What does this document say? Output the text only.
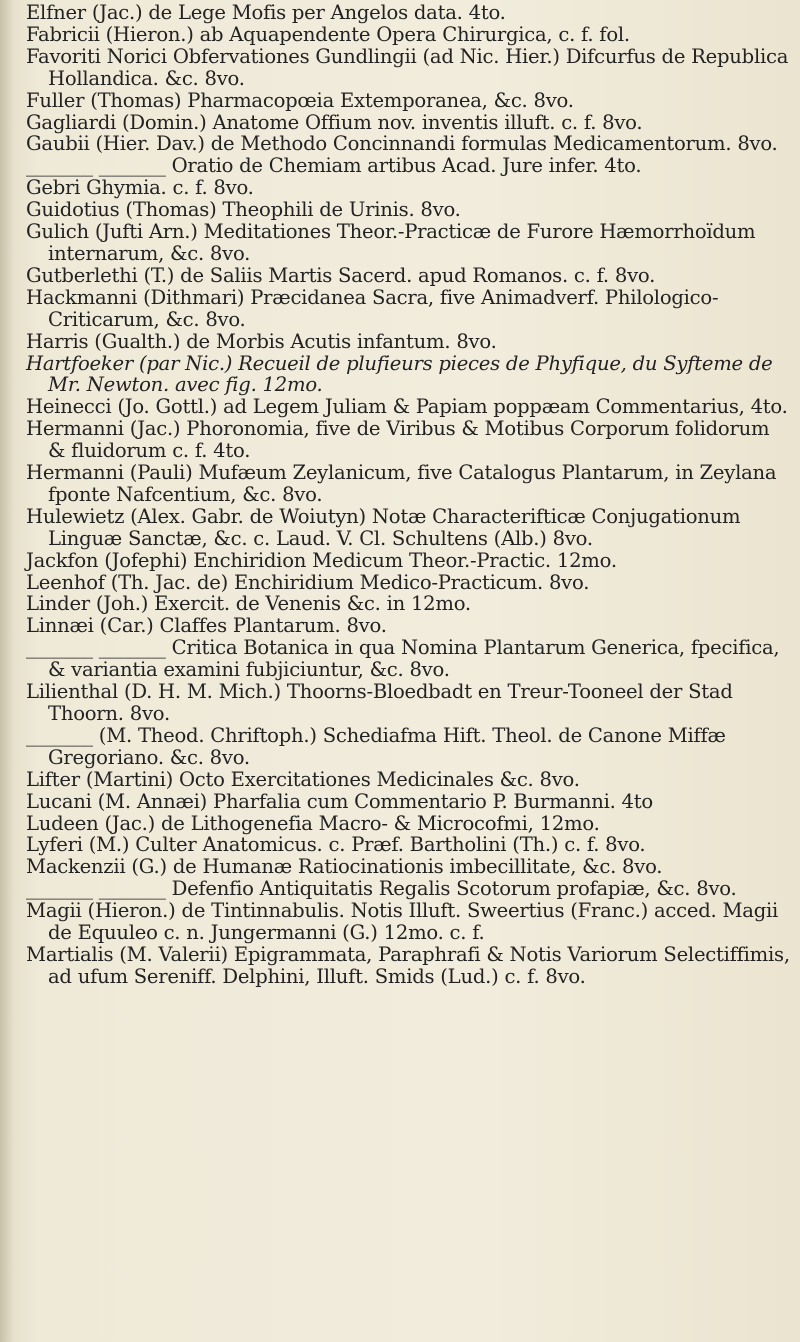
Elfner (Jac.) de Lege Mofis per Angelos data. 4to.
Fabricii (Hieron.) ab Aquapendente Opera Chirurgica, c. f. fol.
Favoriti Norici Obfervationes Gundlingii (ad Nic. Hier.) Difcurfus de Republica Hollandica. &c. 8vo.
Fuller (Thomas) Pharmacopœia Extemporanea, &c. 8vo.
Gagliardi (Domin.) Anatome Offium nov. inventis illuft. c. f. 8vo.
Gaubii (Hier. Dav.) de Methodo Concinnandi formulas Medicamentorum. 8vo.
_______ _______ Oratio de Chemiam artibus Acad. Jure infer. 4to.
Gebri Ghymia. c. f. 8vo.
Guidotius (Thomas) Theophili de Urinis. 8vo.
Gulich (Jufti Arn.) Meditationes Theor.-Practicæ de Furore Hæmorrhoïdum internarum, &c. 8vo.
Gutberlethi (T.) de Saliis Martis Sacerd. apud Romanos. c. f. 8vo.
Hackmanni (Dithmari) Præcidanea Sacra, five Animadverf. Philologico-Criticarum, &c. 8vo.
Harris (Gualth.) de Morbis Acutis infantum. 8vo.
Hartfoeker (par Nic.) Recueil de plufieurs pieces de Phyfique, du Syfteme de Mr. Newton. avec fig. 12mo.
Heinecci (Jo. Gottl.) ad Legem Juliam & Papiam poppæam Commentarius, 4to.
Hermanni (Jac.) Phoronomia, five de Viribus & Motibus Corporum folidorum & fluidorum c. f. 4to.
Hermanni (Pauli) Mufæum Zeylanicum, five Catalogus Plantarum, in Zeylana fponte Nafcentium, &c. 8vo.
Hulewietz (Alex. Gabr. de Woiutyn) Notæ Characterifticæ Conjugationum Linguæ Sanctæ, &c. c. Laud. V. Cl. Schultens (Alb.) 8vo.
Jackfon (Jofephi) Enchiridion Medicum Theor.-Practic. 12mo.
Leenhof (Th. Jac. de) Enchiridium Medico-Practicum. 8vo.
Linder (Joh.) Exercit. de Venenis &c. in 12mo.
Linnæi (Car.) Claffes Plantarum. 8vo.
_______ _______ Critica Botanica in qua Nomina Plantarum Generica, fpecifica, & variantia examini fubjiciuntur, &c. 8vo.
Lilienthal (D. H. M. Mich.) Thoorns-Bloedbadt en Treur-Tooneel der Stad Thoorn. 8vo.
_______ (M. Theod. Chriftoph.) Schediafma Hift. Theol. de Canone Miffæ Gregoriano. &c. 8vo.
Lifter (Martini) Octo Exercitationes Medicinales &c. 8vo.
Lucani (M. Annæi) Pharfalia cum Commentario P. Burmanni. 4to
Ludeen (Jac.) de Lithogenefia Macro- & Microcofmi, 12mo.
Lyferi (M.) Culter Anatomicus. c. Præf. Bartholini (Th.) c. f. 8vo.
Mackenzii (G.) de Humanæ Ratiocinationis imbecillitate, &c. 8vo.
_______ _______ Defenfio Antiquitatis Regalis Scotorum profapiæ, &c. 8vo.
Magii (Hieron.) de Tintinnabulis. Notis Illuft. Sweertius (Franc.) acced. Magii de Equuleo c. n. Jungermanni (G.) 12mo. c. f.
Martialis (M. Valerii) Epigrammata, Paraphrafi & Notis Variorum Selectiffimis, ad ufum Sereniff. Delphini, Illuft. Smids (Lud.) c. f. 8vo.
